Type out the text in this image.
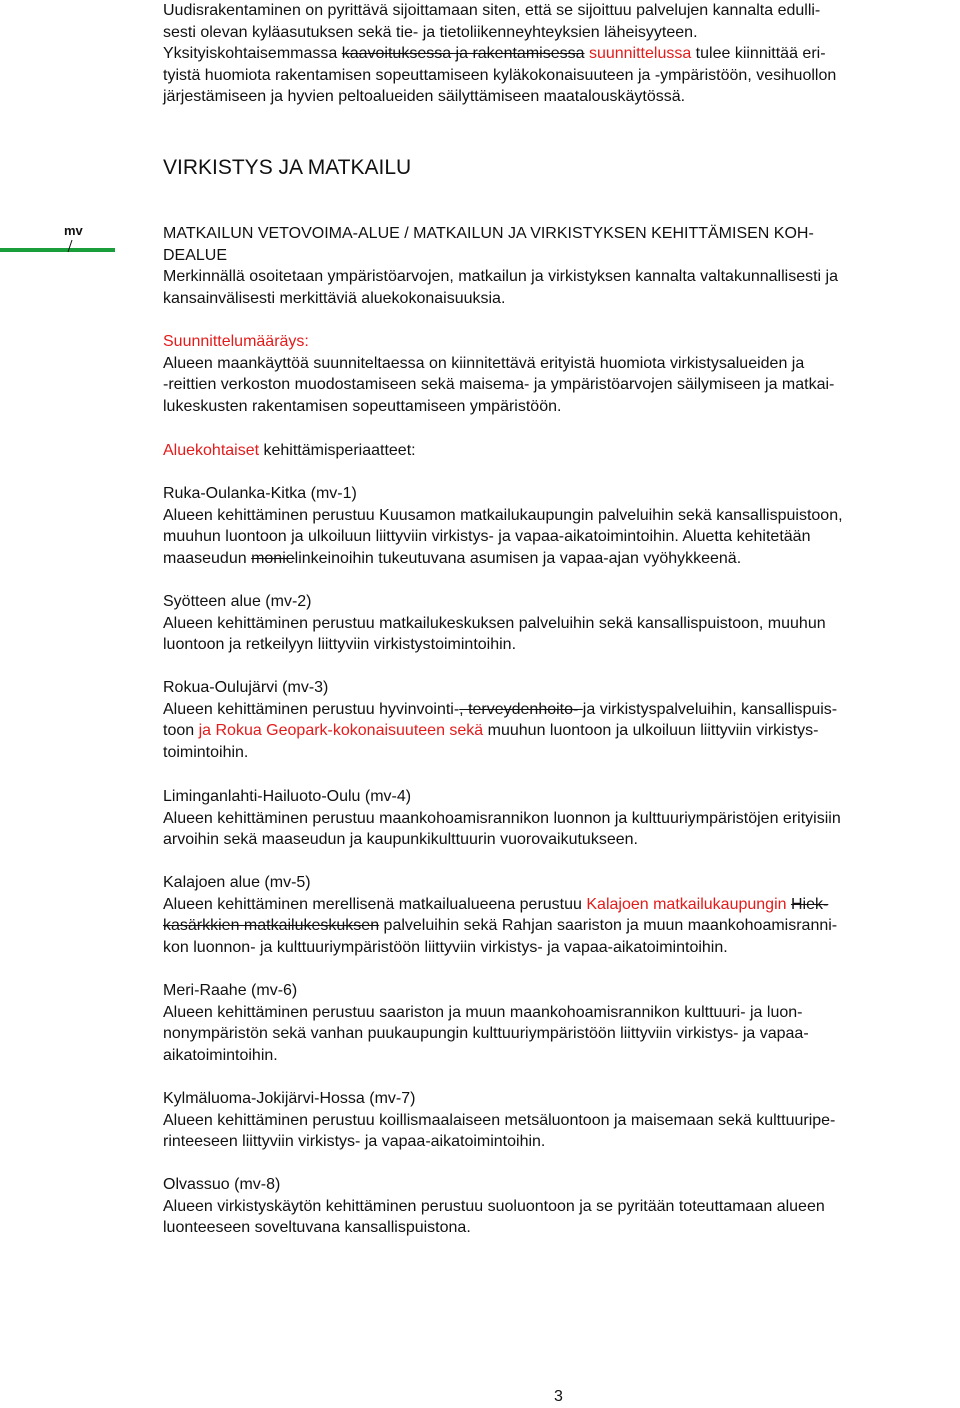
Uudisrakentaminen on pyrittävä sijoittamaan siten, että se sijoittuu palvelujen kannalta edulli-

sesti olevan kyläasutuksen sekä tie- ja tietoliikenneyhteyksien läheisyyteen.

Yksityiskohtaisemmassa kaavoituksessa ja rakentamisessa suunnittelussa tulee kiinnittää eri-

tyistä huomiota rakentamisen sopeuttamiseen kyläkokonaisuuteen ja -ympäristöön, vesihuollon

järjestämiseen ja hyvien peltoalueiden säilyttämiseen maatalouskäytössä.

VIRKISTYS JA MATKAILU
mv	MATKAILUN VETOVOIMA-ALUE / MATKAILUN JA VIRKISTYKSEN KEHITTÄMISEN KOH-

DEALUE

Merkinnällä osoitetaan ympäristöarvojen, matkailun ja virkistyksen kannalta valtakunnallisesti ja

kansainvälisesti merkittäviä aluekokonaisuuksia.

Suunnittelumääräys:

Alueen maankäyttöä suunniteltaessa on kiinnitettävä erityistä huomiota virkistysalueiden ja

-reittien verkoston muodostamiseen sekä maisema- ja ympäristöarvojen säilymiseen ja matkai-

lukeskusten rakentamisen sopeuttamiseen ympäristöön.

Aluekohtaiset kehittämisperiaatteet:

Ruka-Oulanka-Kitka (mv-1)

Alueen kehittäminen perustuu Kuusamon matkailukaupungin palveluihin sekä kansallispuistoon,

muuhun luontoon ja ulkoiluun liittyviin virkistys- ja vapaa-aikatoimintoihin. Aluetta kehitetään

maaseudun monielinkeinoihin tukeutuvana asumisen ja vapaa-ajan vyöhykkeenä.

Syötteen alue (mv-2)

Alueen kehittäminen perustuu matkailukeskuksen palveluihin sekä kansallispuistoon, muuhun

luontoon ja retkeilyyn liittyviin virkistystoimintoihin.

Rokua-Oulujärvi (mv-3)

Alueen kehittäminen perustuu hyvinvointi-, terveydenhoito- ja virkistyspalveluihin, kansallispuis-

toon ja Rokua Geopark-kokonaisuuteen sekä muuhun luontoon ja ulkoiluun liittyviin virkistys-

toimintoihin.

Liminganlahti-Hailuoto-Oulu (mv-4)

Alueen kehittäminen perustuu maankohoamisrannikon luonnon ja kulttuuriympäristöjen erityisiin

arvoihin sekä maaseudun ja kaupunkikulttuurin vuorovaikutukseen.

Kalajoen alue (mv-5)

Alueen kehittäminen merellisenä matkailualueena perustuu Kalajoen matkailukaupungin Hiek-

kasärkkien matkailukeskuksen palveluihin sekä Rahjan saariston ja muun maankohoamisranni-

kon luonnon- ja kulttuuriympäristöön liittyviin virkistys- ja vapaa-aikatoimintoihin.

Meri-Raahe (mv-6)

Alueen kehittäminen perustuu saariston ja muun maankohoamisrannikon kulttuuri- ja luon-

nonympäristön sekä vanhan puukaupungin kulttuuriympäristöön liittyviin virkistys- ja vapaa-

aikatoimintoihin.

Kylmäluoma-Jokijärvi-Hossa (mv-7)

Alueen kehittäminen perustuu koillismaalaiseen metsäluontoon ja maisemaan sekä kulttuuripe-

rinteeseen liittyviin virkistys- ja vapaa-aikatoimintoihin.

Olvassuo (mv-8)

Alueen virkistyskäytön kehittäminen perustuu suoluontoon ja se pyritään toteuttamaan alueen

luonteeseen soveltuvana kansallispuistona.

3
